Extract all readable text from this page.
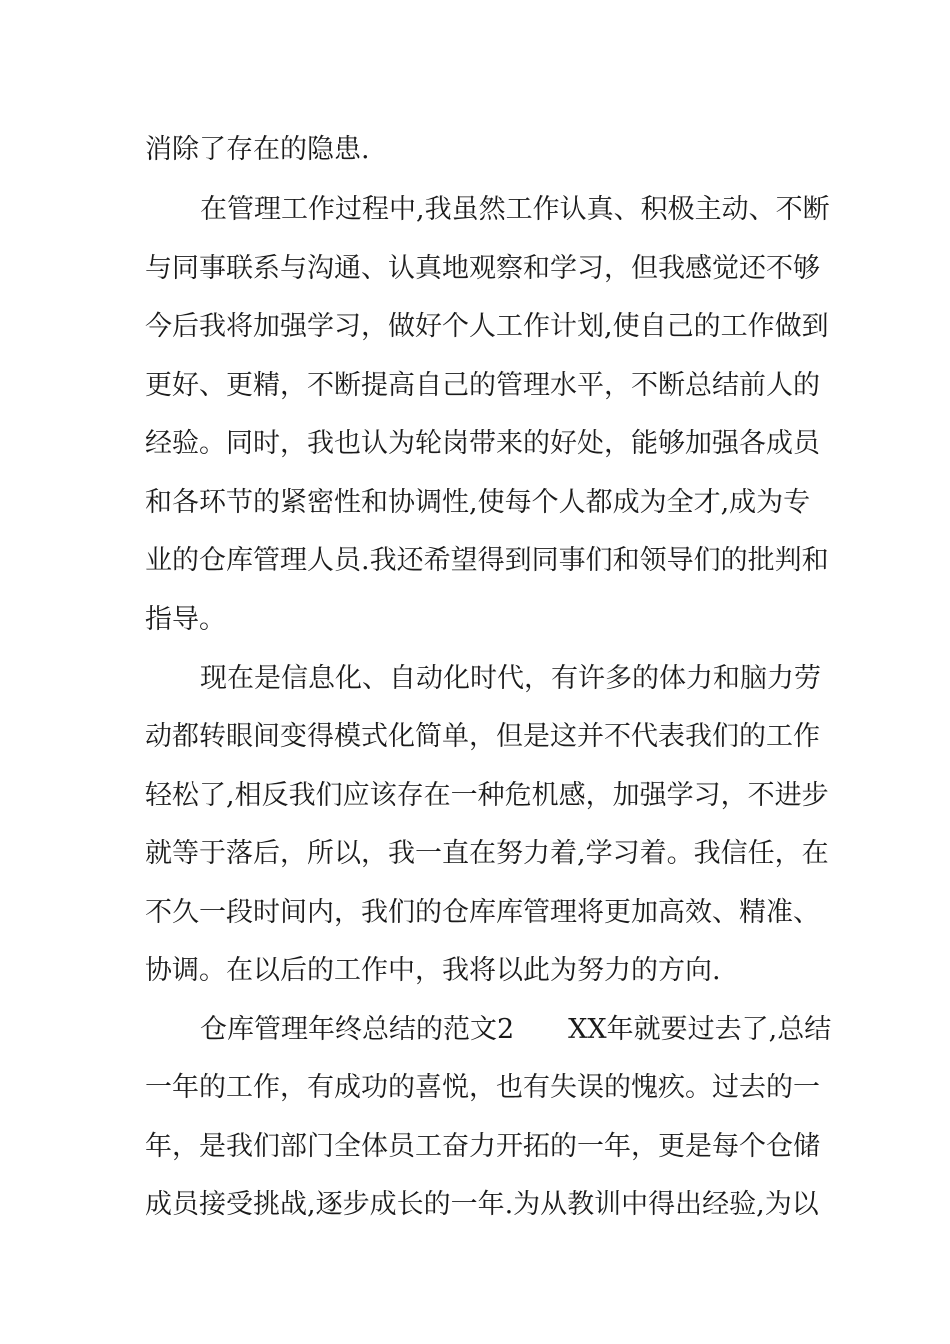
消除了存在的隐患.
在管理工作过程中,我虽然工作认真、积极主动、不断
与同事联系与沟通、认真地观察和学习，但我感觉还不够
今后我将加强学习，做好个人工作计划,使自己的工作做到
更好、更精，不断提高自己的管理水平，不断总结前人的
经验。同时，我也认为轮岗带来的好处，能够加强各成员
和各环节的紧密性和协调性,使每个人都成为全才,成为专
业的仓库管理人员.我还希望得到同事们和领导们的批判和
指导。
现在是信息化、自动化时代，有许多的体力和脑力劳
动都转眼间变得模式化简单，但是这并不代表我们的工作
轻松了,相反我们应该存在一种危机感，加强学习，不进步
就等于落后，所以，我一直在努力着,学习着。我信任，在
不久一段时间内，我们的仓库库管理将更加高效、精准、
协调。在以后的工作中，我将以此为努力的方向.
仓库管理年终总结的范文2　　XX年就要过去了,总结
一年的工作，有成功的喜悦，也有失误的愧疚。过去的一
年，是我们部门全体员工奋力开拓的一年，更是每个仓储
成员接受挑战,逐步成长的一年.为从教训中得出经验,为以
